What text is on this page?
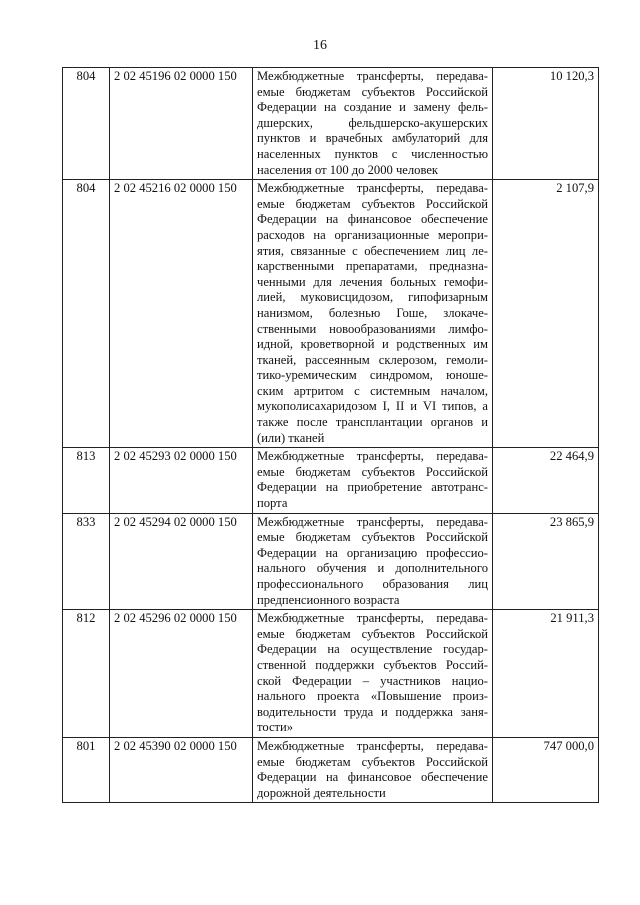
16
804	2 02 45196 02 0000 150	Межбюджетные трансферты, передава-емые бюджетам субъектов Российской Федерации на создание и замену фель-дшерских, фельдшерско-акушерских пунктов и врачебных амбулаторий для населенных пунктов с численностью населения от 100 до 2000 человек	10 120,3
804	2 02 45216 02 0000 150	Межбюджетные трансферты, передава-емые бюджетам субъектов Российской Федерации на финансовое обеспечение расходов на организационные меропри-ятия, связанные с обеспечением лиц ле-карственными препаратами, предназна-ченными для лечения больных гемофи-лией, муковисцидозом, гипофизарным нанизмом, болезнью Гоше, злокаче-ственными новообразованиями лимфо-идной, кроветворной и родственных им тканей, рассеянным склерозом, гемоли-тико-уремическим синдромом, юноше-ским артритом с системным началом, мукополисахаридозом I, II и VI типов, а также после трансплантации органов и (или) тканей	2 107,9
813	2 02 45293 02 0000 150	Межбюджетные трансферты, передава-емые бюджетам субъектов Российской Федерации на приобретение автотранс-порта	22 464,9
833	2 02 45294 02 0000 150	Межбюджетные трансферты, передава-емые бюджетам субъектов Российской Федерации на организацию профессио-нального обучения и дополнительного профессионального образования лиц предпенсионного возраста	23 865,9
812	2 02 45296 02 0000 150	Межбюджетные трансферты, передава-емые бюджетам субъектов Российской Федерации на осуществление государ-ственной поддержки субъектов Россий-ской Федерации – участников нацио-нального проекта «Повышение произ-водительности труда и поддержка заня-тости»	21 911,3
801	2 02 45390 02 0000 150	Межбюджетные трансферты, передава-емые бюджетам субъектов Российской Федерации на финансовое обеспечение дорожной деятельности	747 000,0
